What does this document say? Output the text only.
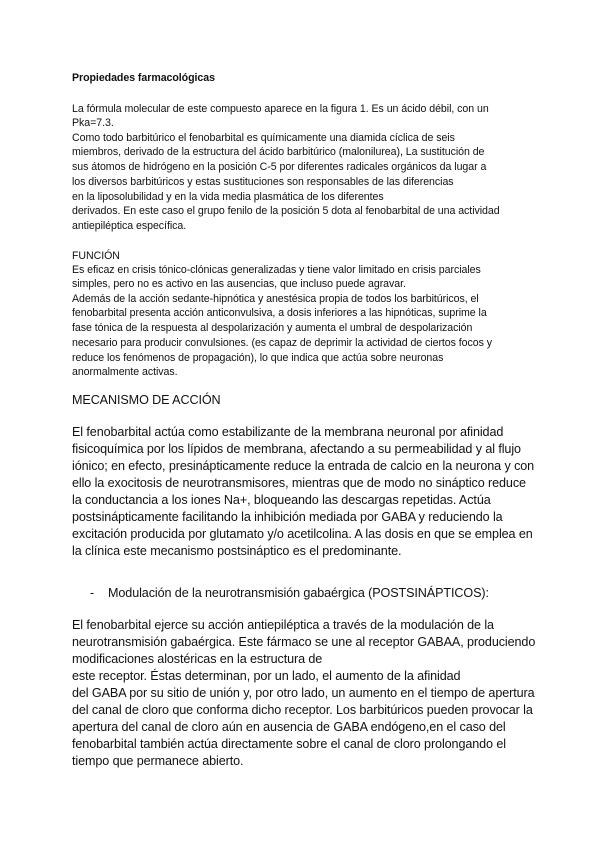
Propiedades farmacológicas

La fórmula molecular de este compuesto aparece en la figura 1. Es un ácido débil, con un

Pka=7.3.

Como todo barbitúrico el fenobarbital es químicamente una diamida cíclica de seis

miembros, derivado de la estructura del ácido barbitúrico (malonilurea), La sustitución de

sus átomos de hidrógeno en la posición C-5 por diferentes radicales orgánicos da lugar a

los diversos barbitúricos y estas sustituciones son responsables de las diferencias

en la liposolubilidad y en la vida media plasmática de los diferentes

derivados. En este caso el grupo fenilo de la posición 5 dota al fenobarbital de una actividad

antiepiléptica específica.

FUNCIÓN

Es eficaz en crisis tónico-clónicas generalizadas y tiene valor limitado en crisis parciales

simples, pero no es activo en las ausencias, que incluso puede agravar.

Además de la acción sedante-hipnótica y anestésica propia de todos los barbitúricos, el

fenobarbital presenta acción anticonvulsiva, a dosis inferiores a las hipnóticas, suprime la

fase tónica de la respuesta al despolarización y aumenta el umbral de despolarización

necesario para producir convulsiones. (es capaz de deprimir la actividad de ciertos focos y

reduce los fenómenos de propagación), lo que indica que actúa sobre neuronas

anormalmente activas.

MECANISMO DE ACCIÓN

El fenobarbital actúa como estabilizante de la membrana neuronal por afinidad

fisicoquímica por los lípidos de membrana, afectando a su permeabilidad y al flujo

iónico; en efecto, presinápticamente reduce la entrada de calcio en la neurona y con

ello la exocitosis de neurotransmisores, mientras que de modo no sináptico reduce

la conductancia a los iones Na+, bloqueando las descargas repetidas. Actúa

postsinápticamente facilitando la inhibición mediada por GABA y reduciendo la

excitación producida por glutamato y/o acetilcolina. A las dosis en que se emplea en

la clínica este mecanismo postsináptico es el predominante.

- Modulación de la neurotransmisión gabaérgica (POSTSINÁPTICOS):

El fenobarbital ejerce su acción antiepiléptica a través de la modulación de la

neurotransmisión gabaérgica. Este fármaco se une al receptor GABAA, produciendo

modificaciones alostéricas en la estructura de

este receptor. Éstas determinan, por un lado, el aumento de la afinidad

del GABA por su sitio de unión y, por otro lado, un aumento en el tiempo de apertura

del canal de cloro que conforma dicho receptor. Los barbitúricos pueden provocar la

apertura del canal de cloro aún en ausencia de GABA endógeno,en el caso del

fenobarbital también actúa directamente sobre el canal de cloro prolongando el

tiempo que permanece abierto.
